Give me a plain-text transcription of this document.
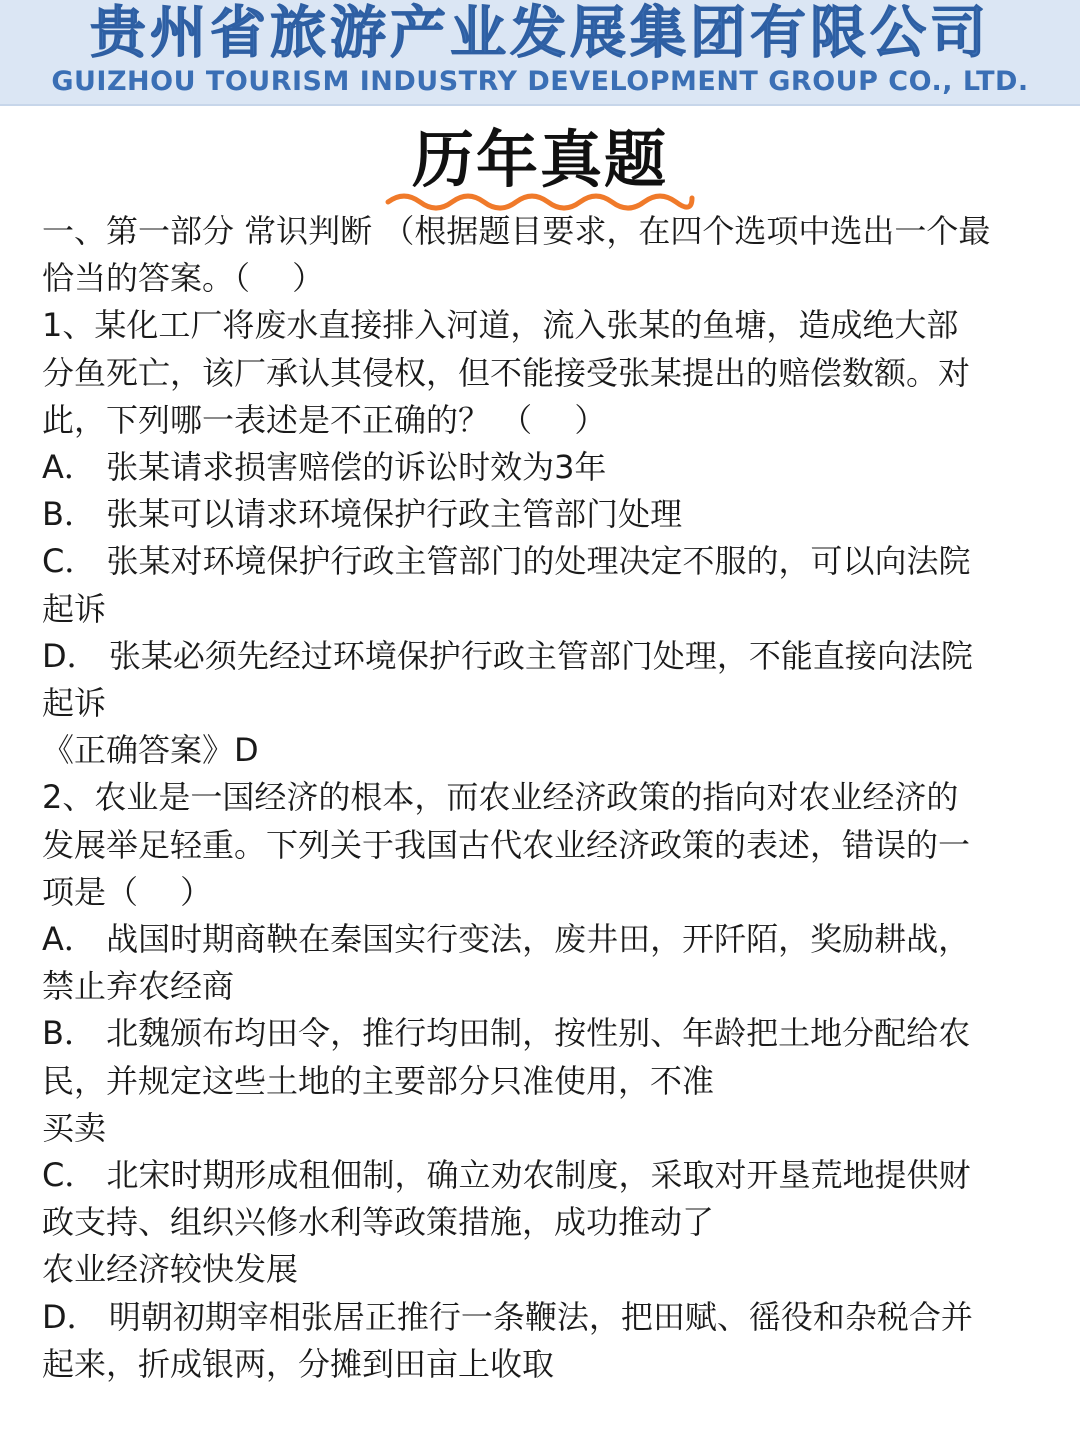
贵州省旅游产业发展集团有限公司
GUIZHOU TOURISM INDUSTRY DEVELOPMENT GROUP CO., LTD.
历年真题
一、第一部分 常识判断 （根据题目要求，在四个选项中选出一个最
恰当的答案。（　 ）
1、某化工厂将废水直接排入河道，流入张某的鱼塘，造成绝大部
分鱼死亡，该厂承认其侵权，但不能接受张某提出的赔偿数额。对
此，下列哪一表述是不正确的？ （　 ）
A． 张某请求损害赔偿的诉讼时效为3年
B． 张某可以请求环境保护行政主管部门处理
C． 张某对环境保护行政主管部门的处理决定不服的，可以向法院
起诉
D． 张某必须先经过环境保护行政主管部门处理，不能直接向法院
起诉
《正确答案》D
2、农业是一国经济的根本，而农业经济政策的指向对农业经济的
发展举足轻重。下列关于我国古代农业经济政策的表述，错误的一
项是（　 ）
A． 战国时期商鞅在秦国实行变法，废井田，开阡陌，奖励耕战，
禁止弃农经商
B． 北魏颁布均田令，推行均田制，按性别、年龄把土地分配给农
民，并规定这些土地的主要部分只准使用，不准
买卖
C． 北宋时期形成租佃制，确立劝农制度，采取对开垦荒地提供财
政支持、组织兴修水利等政策措施，成功推动了
农业经济较快发展
D． 明朝初期宰相张居正推行一条鞭法，把田赋、徭役和杂税合并
起来，折成银两，分摊到田亩上收取
